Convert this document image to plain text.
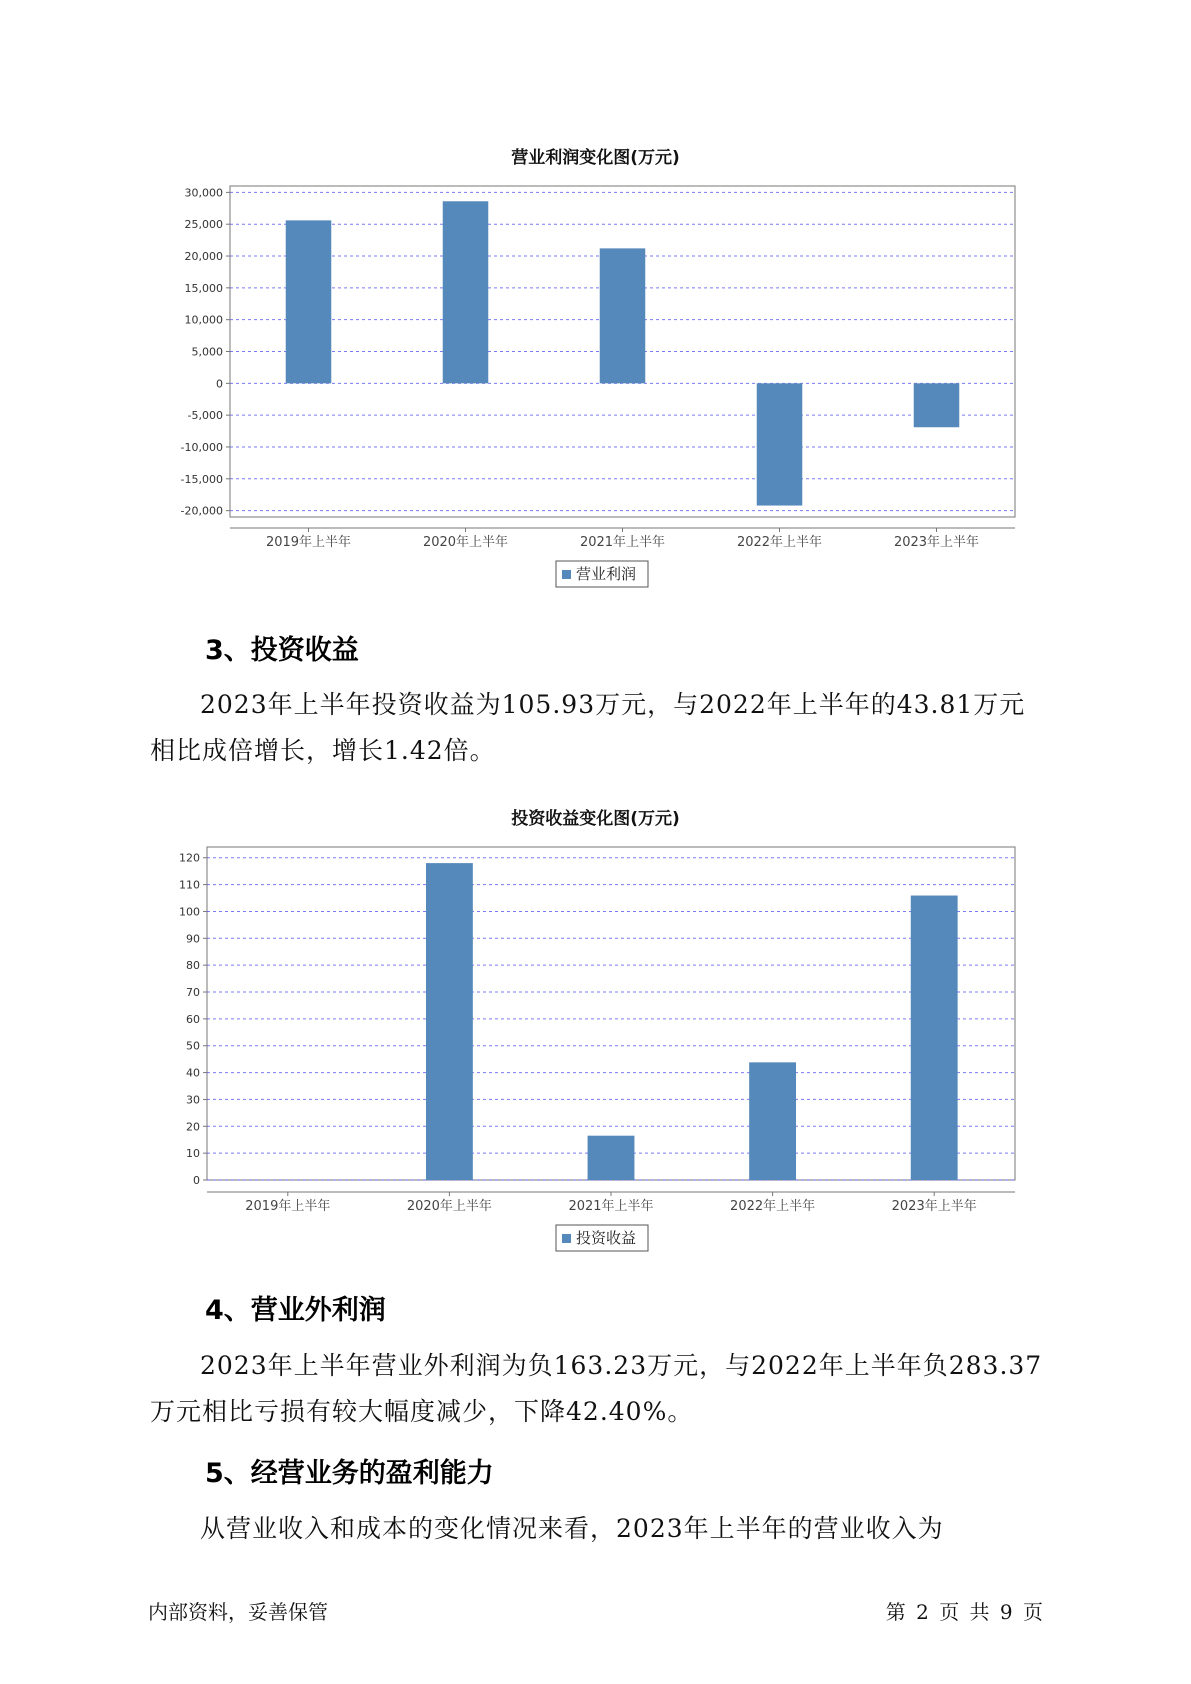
营业利润变化图(万元)
30,000
25,000
20,000
15,000
10,000
5,000
0
-5,000
-10,000
-15,000
-20,000
2019年上半年	2020年上半年	2021年上半年	2022年上半年	2023年上半年
营业利润
3、投资收益

2023年上半年投资收益为105.93万元，与2022年上半年的43.81万元相比成倍增长，增长1.42倍。

投资收益变化图(万元)
0
10
20
30
40
50
60
70
80
90
100
110
120
2019年上半年	2020年上半年	2021年上半年	2022年上半年	2023年上半年
投资收益
4、营业外利润

2023年上半年营业外利润为负163.23万元，与2022年上半年负283.37万元相比亏损有较大幅度减少，下降42.40%。

5、经营业务的盈利能力

从营业收入和成本的变化情况来看，2023年上半年的营业收入为

内部资料，妥善保管	第 2 页 共 9 页
